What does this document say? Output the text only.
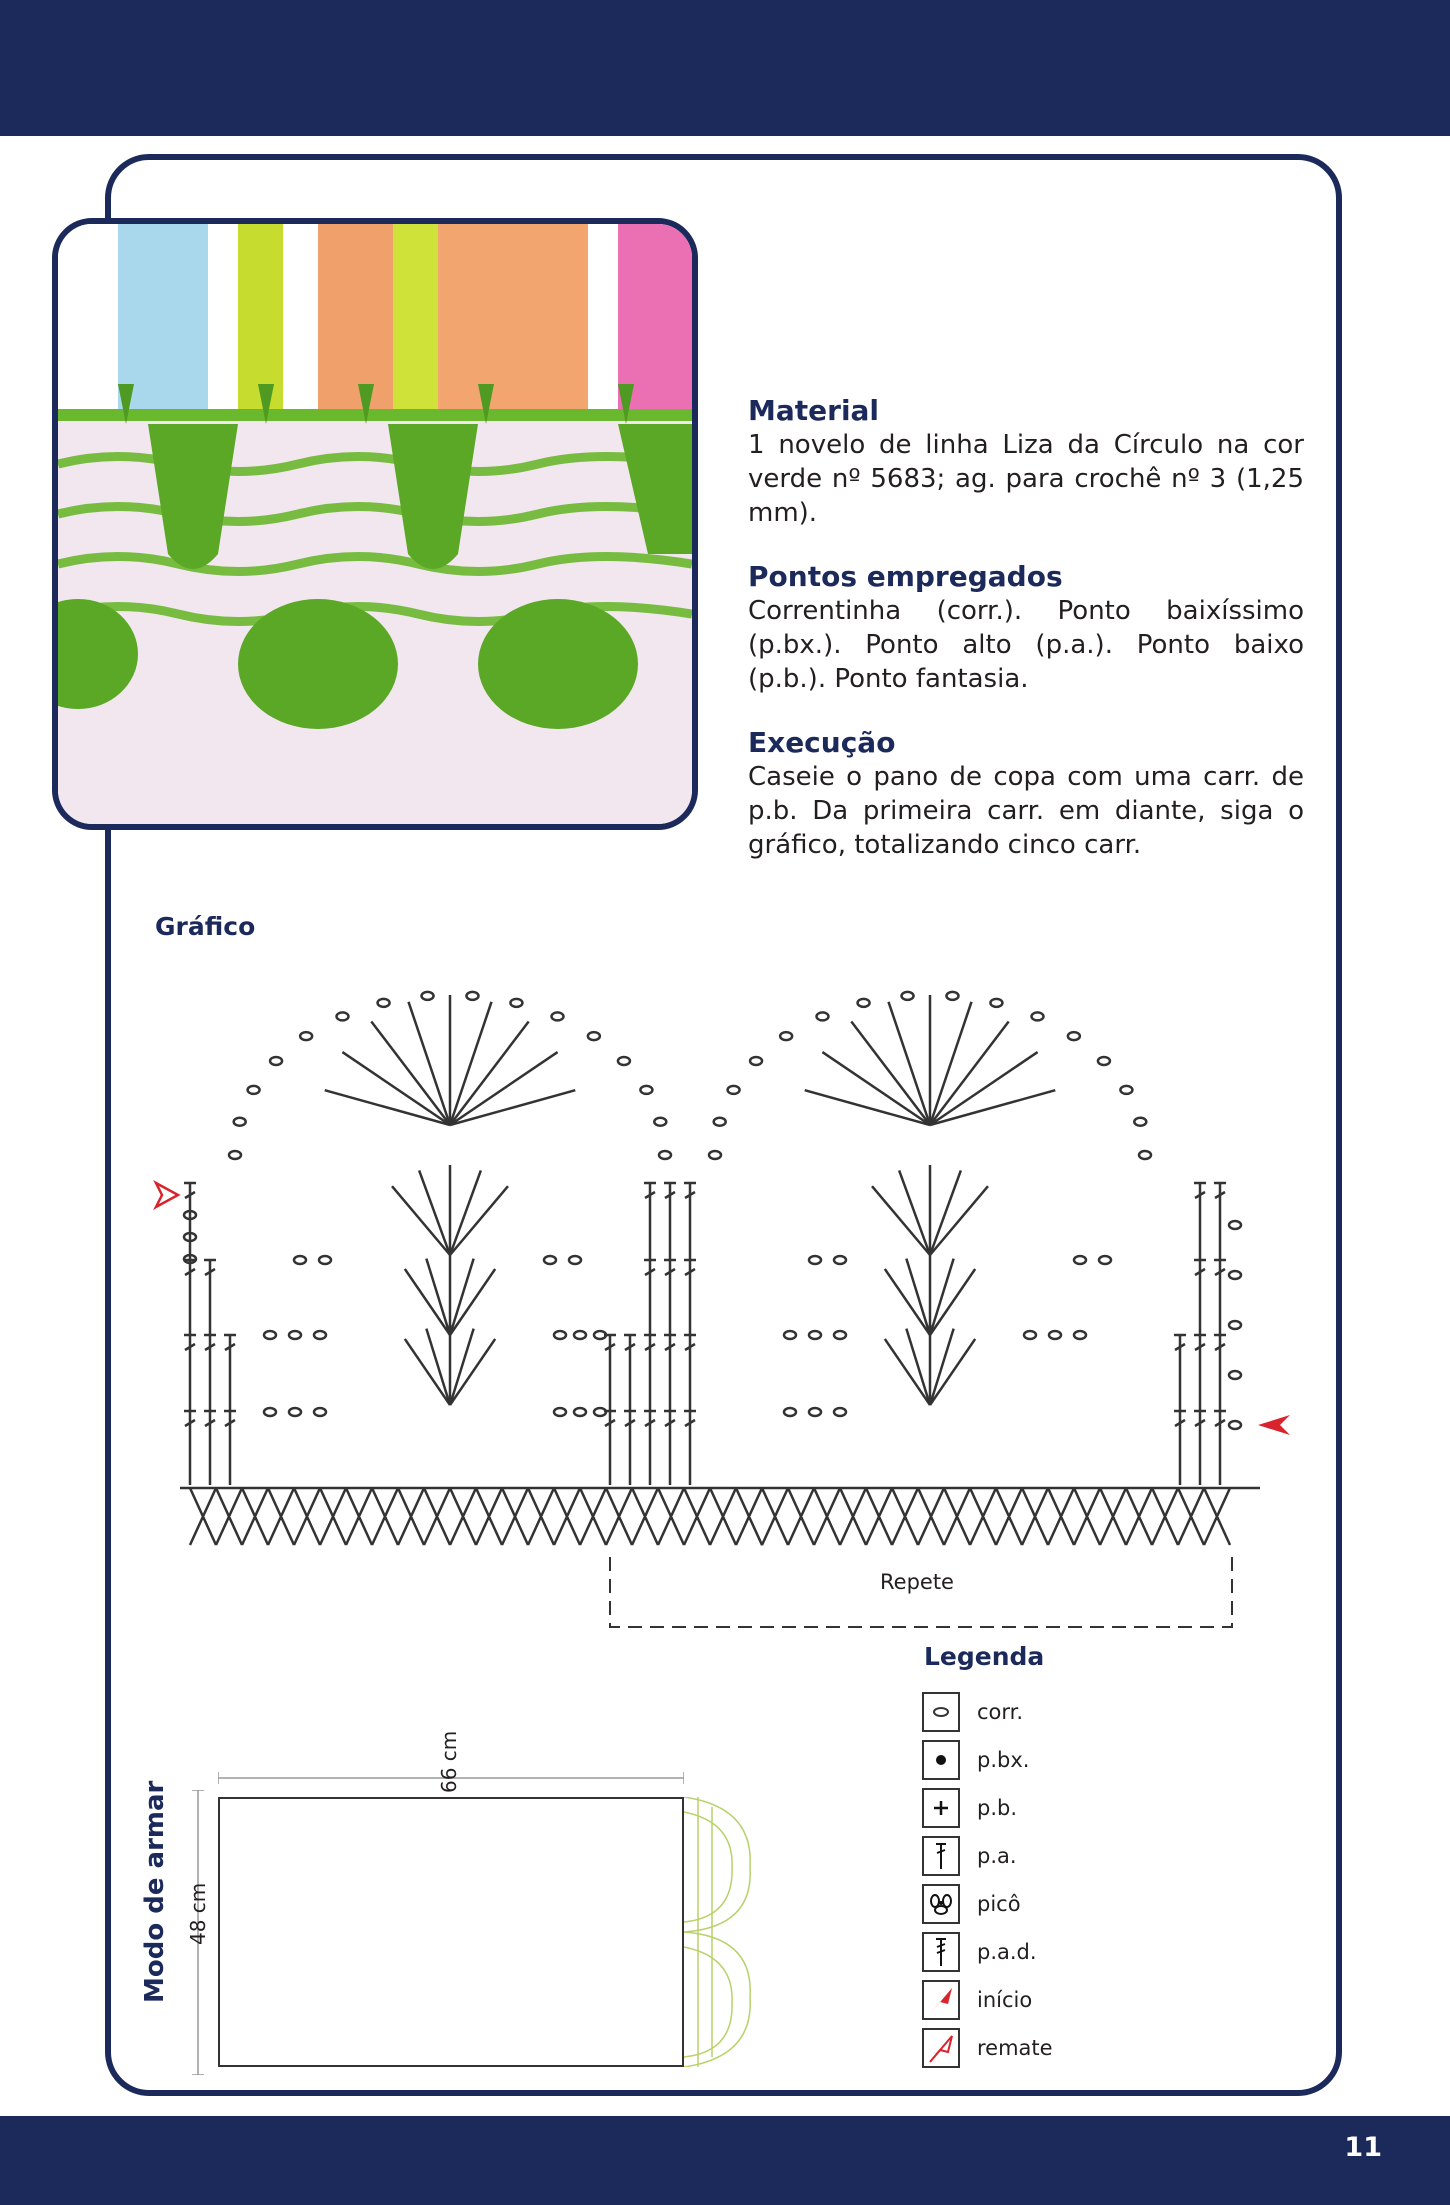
Material

1 novelo de linha Liza da Círculo na cor verde nº 5683; ag. para crochê nº 3 (1,25 mm).

Pontos empregados

Correntinha (corr.). Ponto baixíssimo (p.bx.). Ponto alto (p.a.). Ponto baixo (p.b.). Ponto fantasia.

Execução

Caseie o pano de copa com uma carr. de p.b. Da primeira carr. em diante, siga o gráfico, totalizando cinco carr.

Gráfico
Repete
Legenda
corr.
p.bx.
p.b.
p.a.
picô
p.a.d.
início
remate
Modo de armar 48 cm
66 cm
11
